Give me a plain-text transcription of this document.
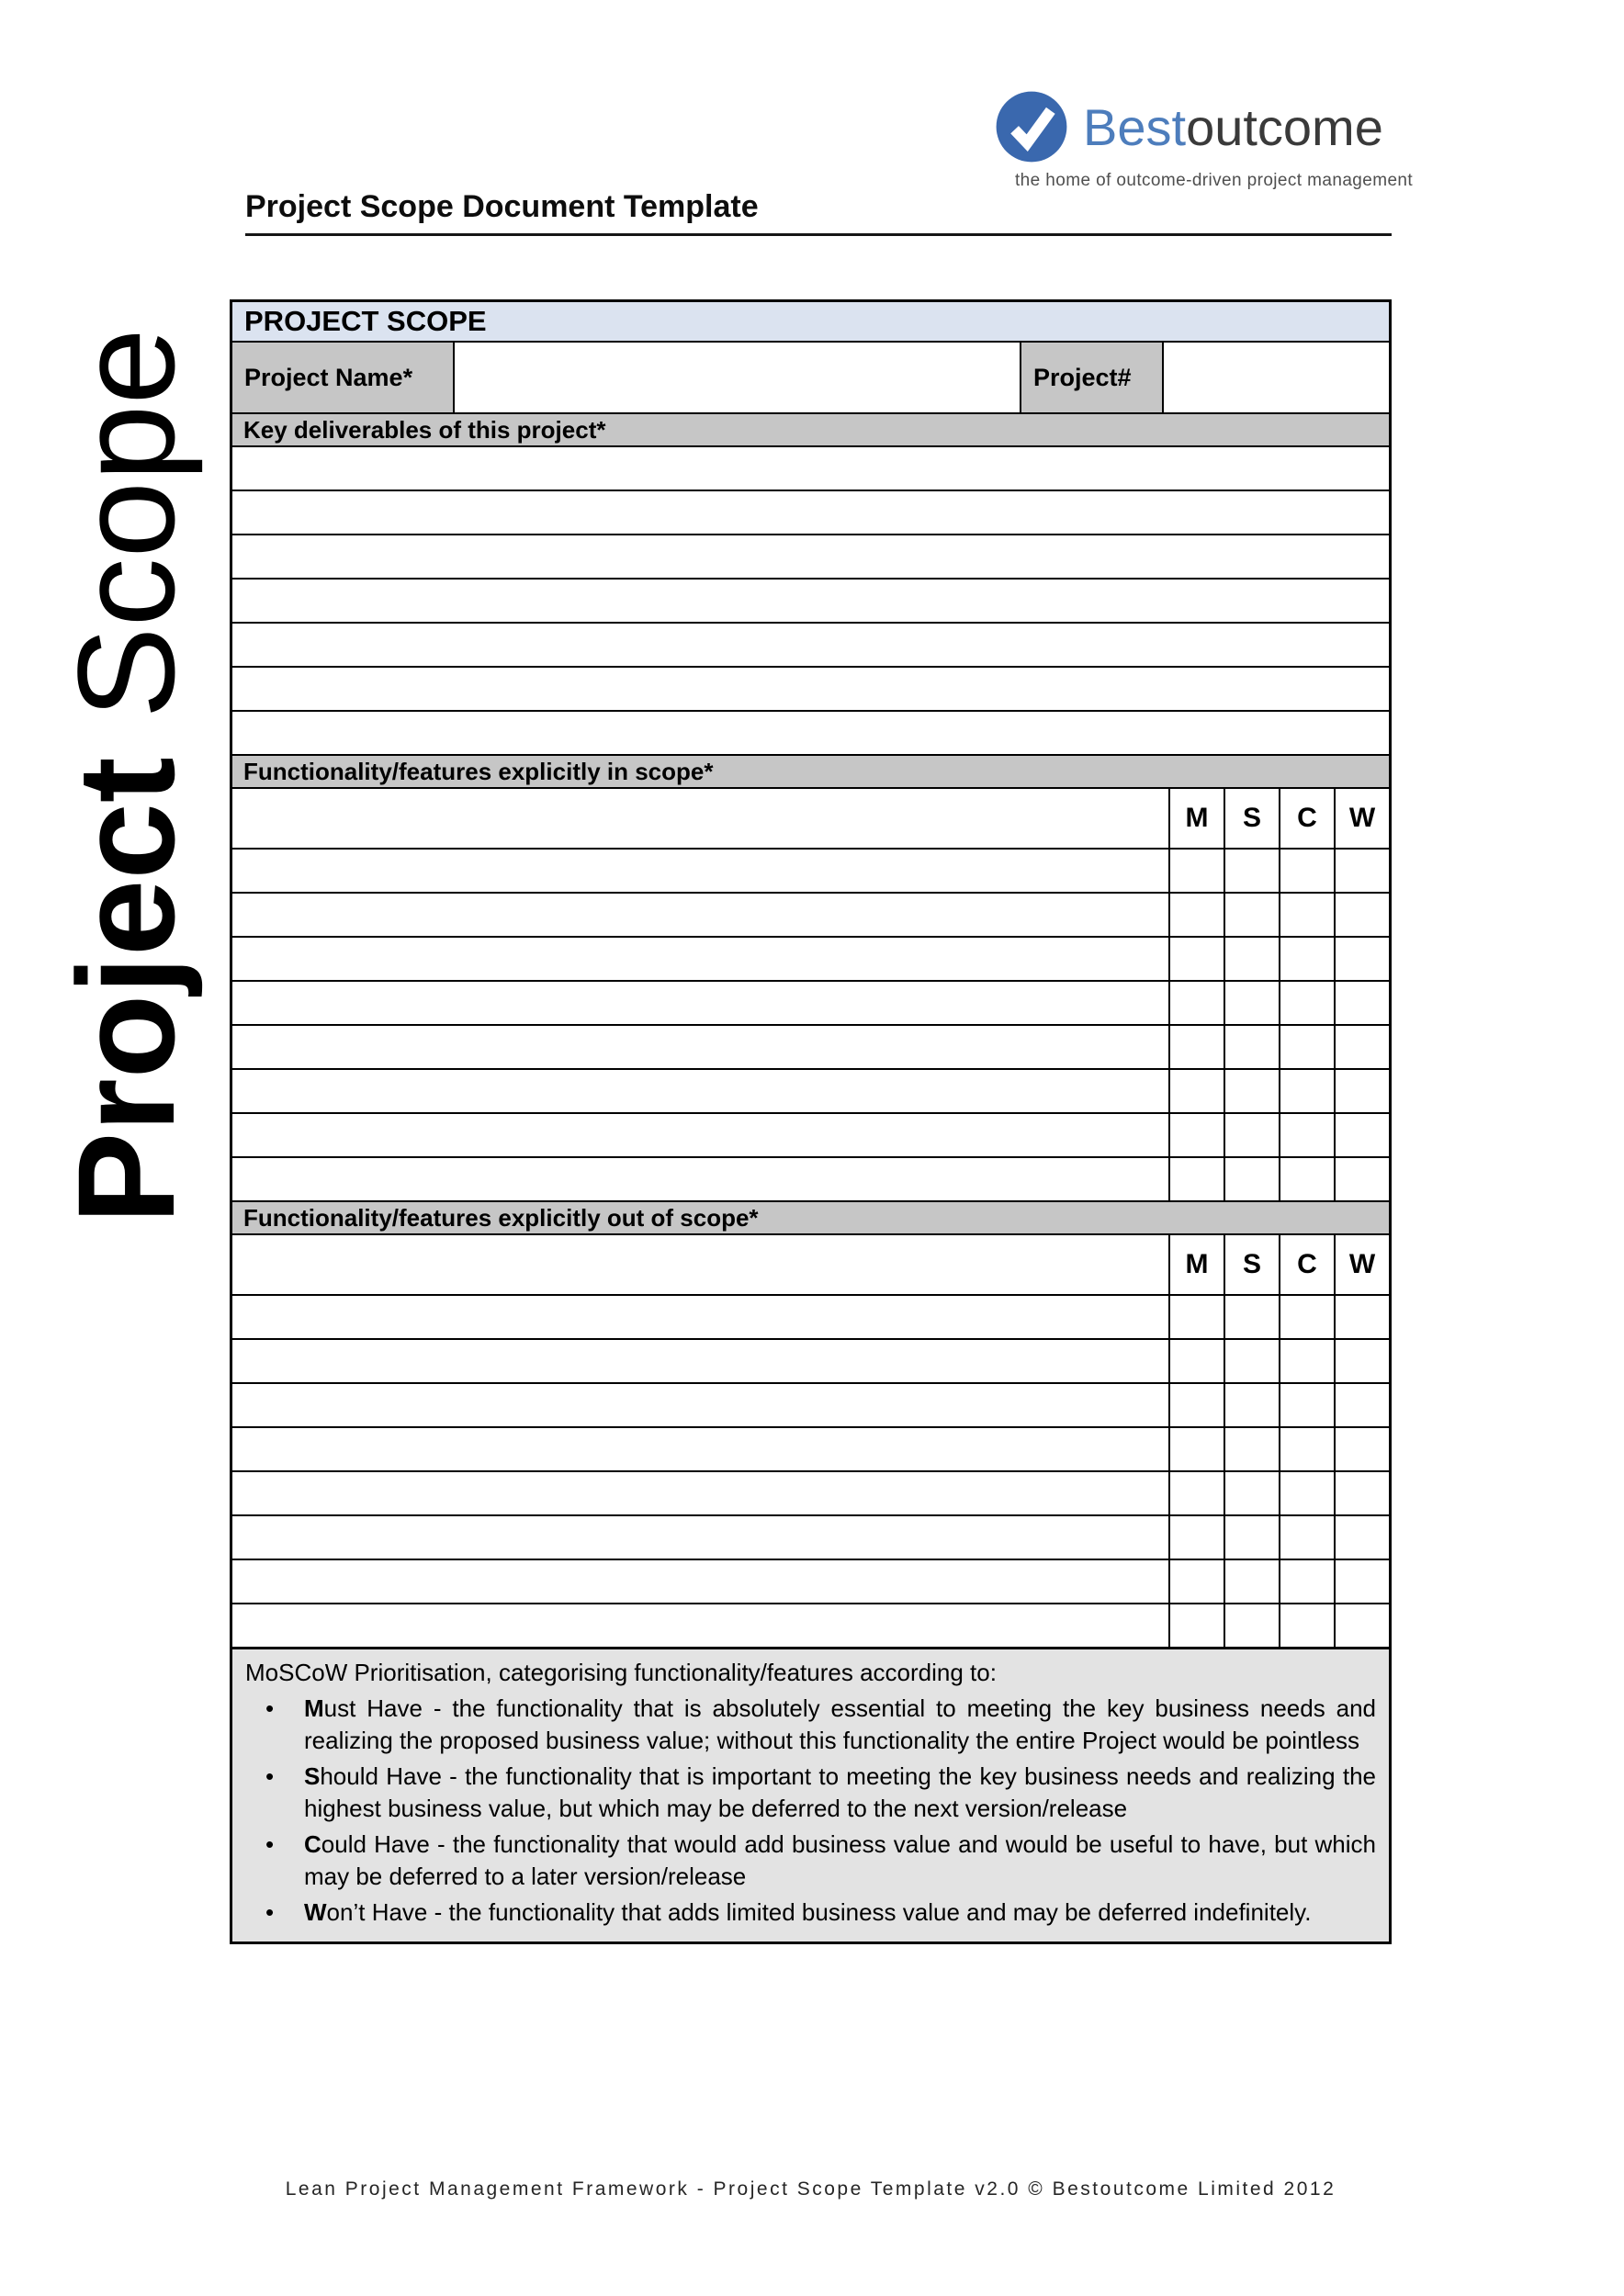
Bestoutcome
the home of outcome-driven project management
Project Scope Document Template
Project Scope
PROJECT SCOPE
Project Name*	Project#
Key deliverables of this project*
Functionality/features explicitly in scope*
M	S	C	W
Functionality/features explicitly out of scope*
M	S	C	W
MoSCoW Prioritisation, categorising functionality/features according to:
• Must Have - the functionality that is absolutely essential to meeting the key business needs and realizing the proposed business value; without this functionality the entire Project would be pointless
• Should Have - the functionality that is important to meeting the key business needs and realizing the highest business value, but which may be deferred to the next version/release
• Could Have - the functionality that would add business value and would be useful to have, but which may be deferred to a later version/release
• Won’t Have - the functionality that adds limited business value and may be deferred indefinitely.
Lean Project Management Framework - Project Scope Template v2.0 © Bestoutcome Limited 2012
